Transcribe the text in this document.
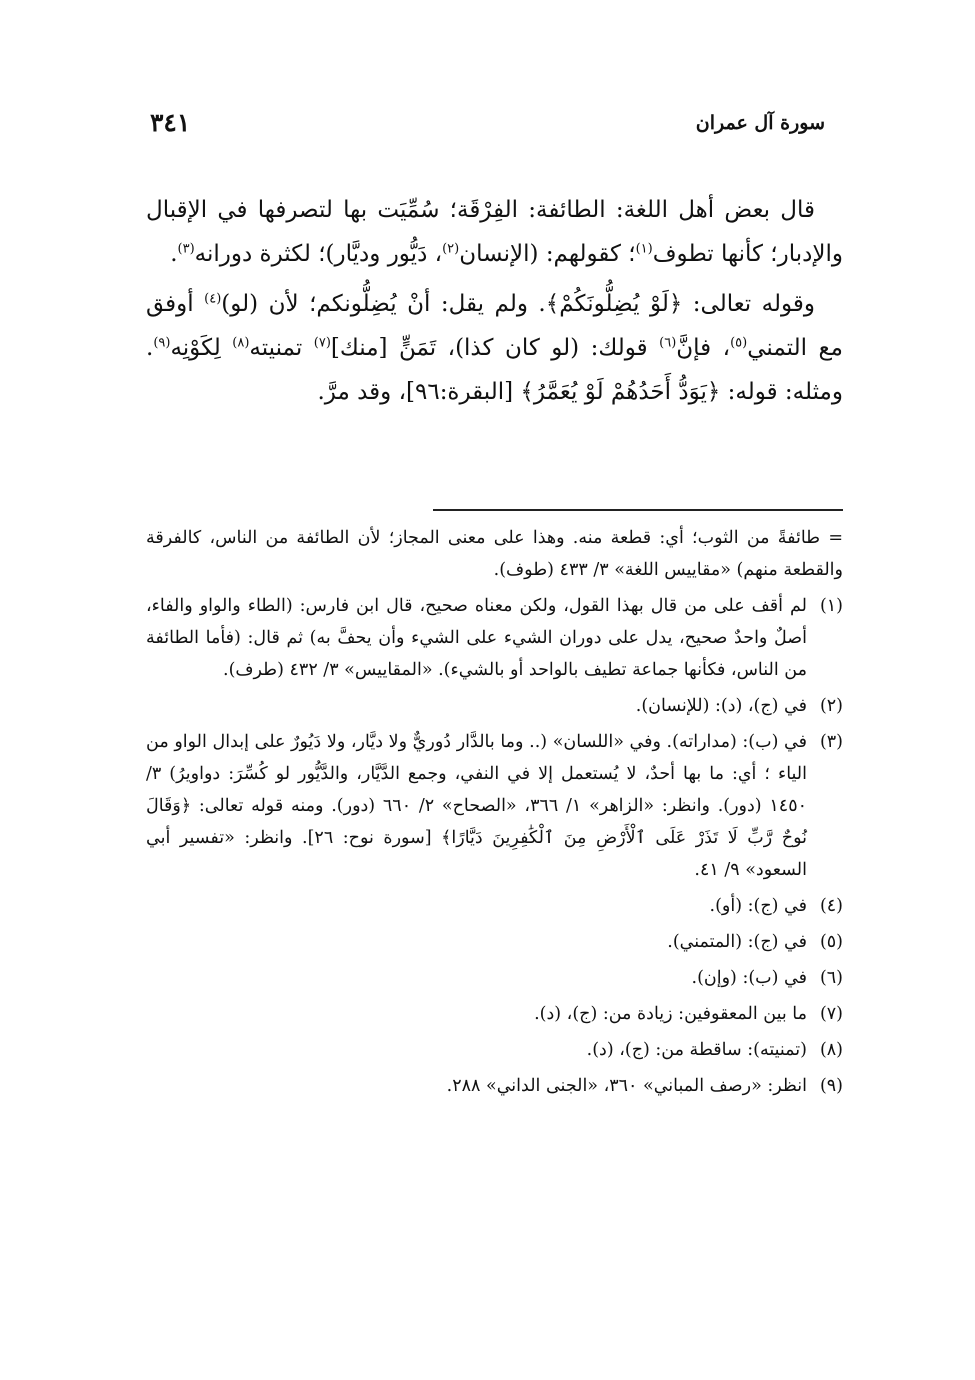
سورة آل عمران
٣٤١

قال بعض أهل اللغة: الطائفة: الفِرْقَة؛ سُمِّيَت بها لتصرفها في الإقبال والإدبار؛ كأنها تطوف$^{(١)}$؛ كقولهم: (الإنسان$^{(٢)}$، دَيُّور وديَّار)؛ لكثرة دورانه$^{(٣)}$.

وقوله تعالى: ﴿لَوْ يُضِلُّونَكُمْ﴾. ولم يقل: أنْ يُضِلُّونكم؛ لأن (لو)$^{(٤)}$ أوفق مع التمني$^{(٥)}$، فإنَّ$^{(٦)}$ قولك: (لو كان كذا)، تَمَنٍّ [منك]$^{(٧)}$ تمنيته$^{(٨)}$ لِكَوْنِه$^{(٩)}$. ومثله: قوله: ﴿يَوَدُّ أَحَدُهُمْ لَوْ يُعَمَّرُ﴾ [البقرة:٩٦]، وقد مرَّ.

= طائفةً من الثوب؛ أي: قطعة منه. وهذا على معنى المجاز؛ لأن الطائفة من الناس، كالفرقة والقطعة منهم) «مقاييس اللغة» ٣/ ٤٣٣ (طوف).

(١)
لم أقف على من قال بهذا القول، ولكن معناه صحيح، قال ابن فارس: (الطاء والواو والفاء، أصلٌ واحدٌ صحيح، يدل على دوران الشيء على الشيء وأن يحفَّ به) ثم قال: (فأما الطائفة من الناس، فكأنها جماعة تطيف بالواحد أو بالشيء). «المقاييس» ٣/ ٤٣٢ (طرف).
(٢)
في (ج)، (د): (للإنسان).
(٣)
في (ب): (مداراته). وفي «اللسان» (.. وما بالدَّار دُوريٌّ ولا ديَّار، ولا دَيُورٌ على إبدال الواو من الياء ؛ أي: ما بها أحدٌ، لا يُستعمل إلا في النفي، وجمع الدَّيَّار، والدَّيُّور لو كُسِّرَ: دواويرُ) ٣/ ١٤٥٠ (دور). وانظر: «الزاهر» ١/ ٣٦٦، «الصحاح» ٢/ ٦٦٠ (دور). ومنه قوله تعالى: ﴿وَقَالَ نُوحٌ رَّبِّ لَا تَذَرْ عَلَى ٱلْأَرْضِ مِنَ ٱلْكَٰفِرِينَ دَيَّارًا﴾ [سورة نوح: ٢٦]. وانظر: «تفسير أبي السعود» ٩/ ٤١.
(٤)
في (ج): (أو).
(٥)
في (ج): (المتمني).
(٦)
في (ب): (وإن).
(٧)
ما بين المعقوفين: زيادة من: (ج)، (د).
(٨)
(تمنيته): ساقطة من: (ج)، (د).
(٩)
انظر: «رصف المباني» ٣٦٠، «الجنى الداني» ٢٨٨.
